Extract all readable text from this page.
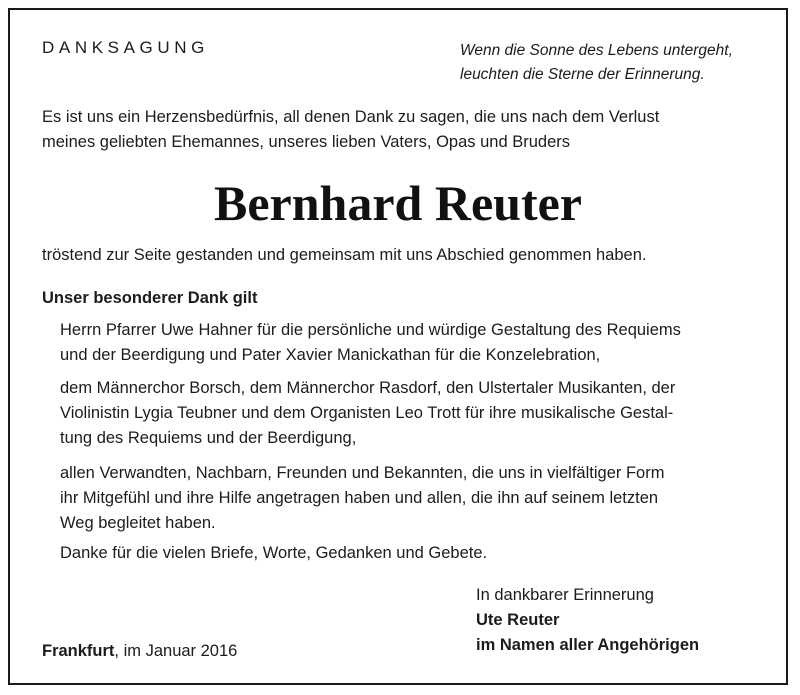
DANKSAGUNG	Wenn die Sonne des Lebens untergeht,
leuchten die Sterne der Erinnerung.
Es ist uns ein Herzensbedürfnis, all denen Dank zu sagen, die uns nach dem Verlust
meines geliebten Ehemannes, unseres lieben Vaters, Opas und Bruders
Bernhard Reuter
tröstend zur Seite gestanden und gemeinsam mit uns Abschied genommen haben.
Unser besonderer Dank gilt
Herrn Pfarrer Uwe Hahner für die persönliche und würdige Gestaltung des Requiems
und der Beerdigung und Pater Xavier Manickathan für die Konzelebration,
dem Männerchor Borsch, dem Männerchor Rasdorf, den Ulstertaler Musikanten, der
Violinistin Lygia Teubner und dem Organisten Leo Trott für ihre musikalische Gestal-
tung des Requiems und der Beerdigung,
allen Verwandten, Nachbarn, Freunden und Bekannten, die uns in vielfältiger Form
ihr Mitgefühl und ihre Hilfe angetragen haben und allen, die ihn auf seinem letzten
Weg begleitet haben.
Danke für die vielen Briefe, Worte, Gedanken und Gebete.
In dankbarer Erinnerung
Ute Reuter
im Namen aller Angehörigen
Frankfurt, im Januar 2016
